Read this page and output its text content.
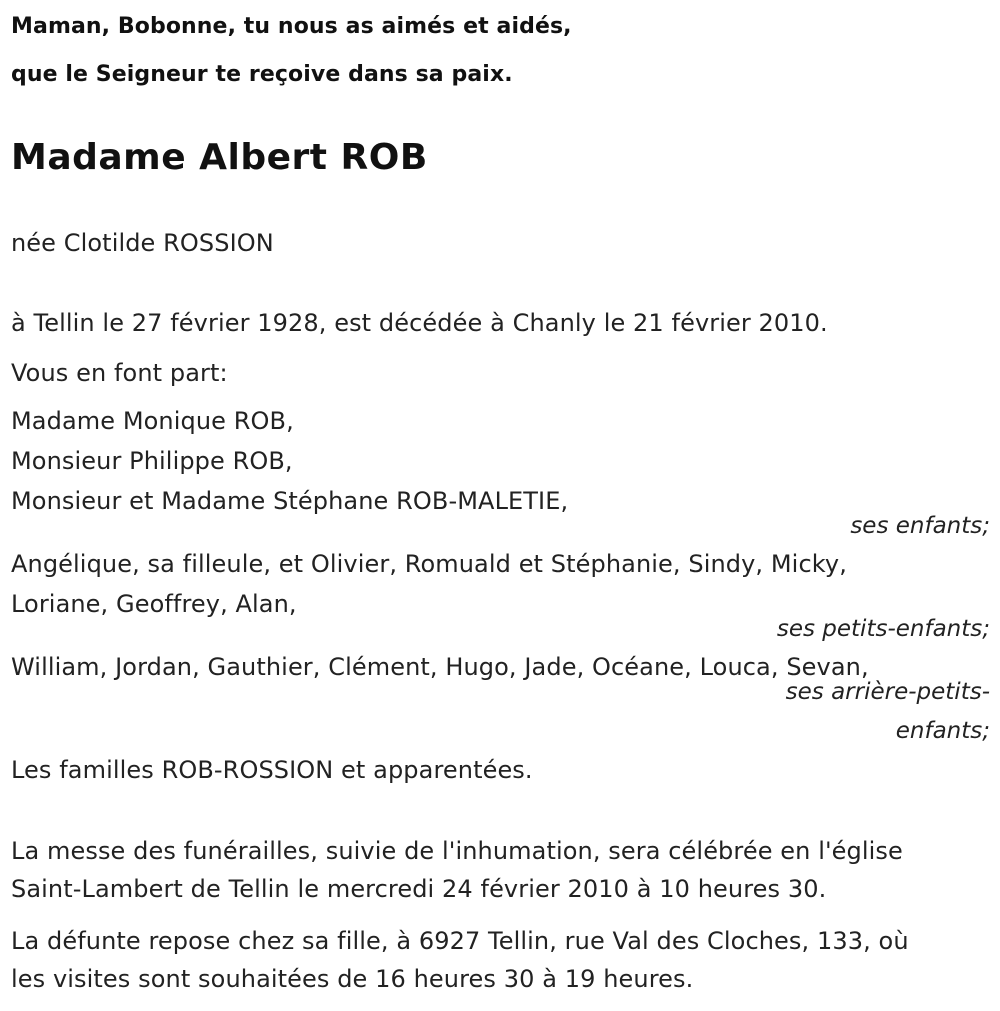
Maman, Bobonne, tu nous as aimés et aidés,
que le Seigneur te reçoive dans sa paix.
Madame Albert ROB
née Clotilde ROSSION
à Tellin le 27 février 1928, est décédée à Chanly le 21 février 2010.
Vous en font part:
Madame Monique ROB,
Monsieur Philippe ROB,
Monsieur et Madame Stéphane ROB-MALETIE,
ses enfants;
Angélique, sa filleule, et Olivier, Romuald et Stéphanie, Sindy, Micky,
Loriane, Geoffrey, Alan,
ses petits-enfants;
William, Jordan, Gauthier, Clément, Hugo, Jade, Océane, Louca, Sevan,
ses arrière-petits-
enfants;
Les familles ROB-ROSSION et apparentées.
La messe des funérailles, suivie de l'inhumation, sera célébrée en l'église
Saint-Lambert de Tellin le mercredi 24 février 2010 à 10 heures 30.
La défunte repose chez sa fille, à 6927 Tellin, rue Val des Cloches, 133, où
les visites sont souhaitées de 16 heures 30 à 19 heures.
